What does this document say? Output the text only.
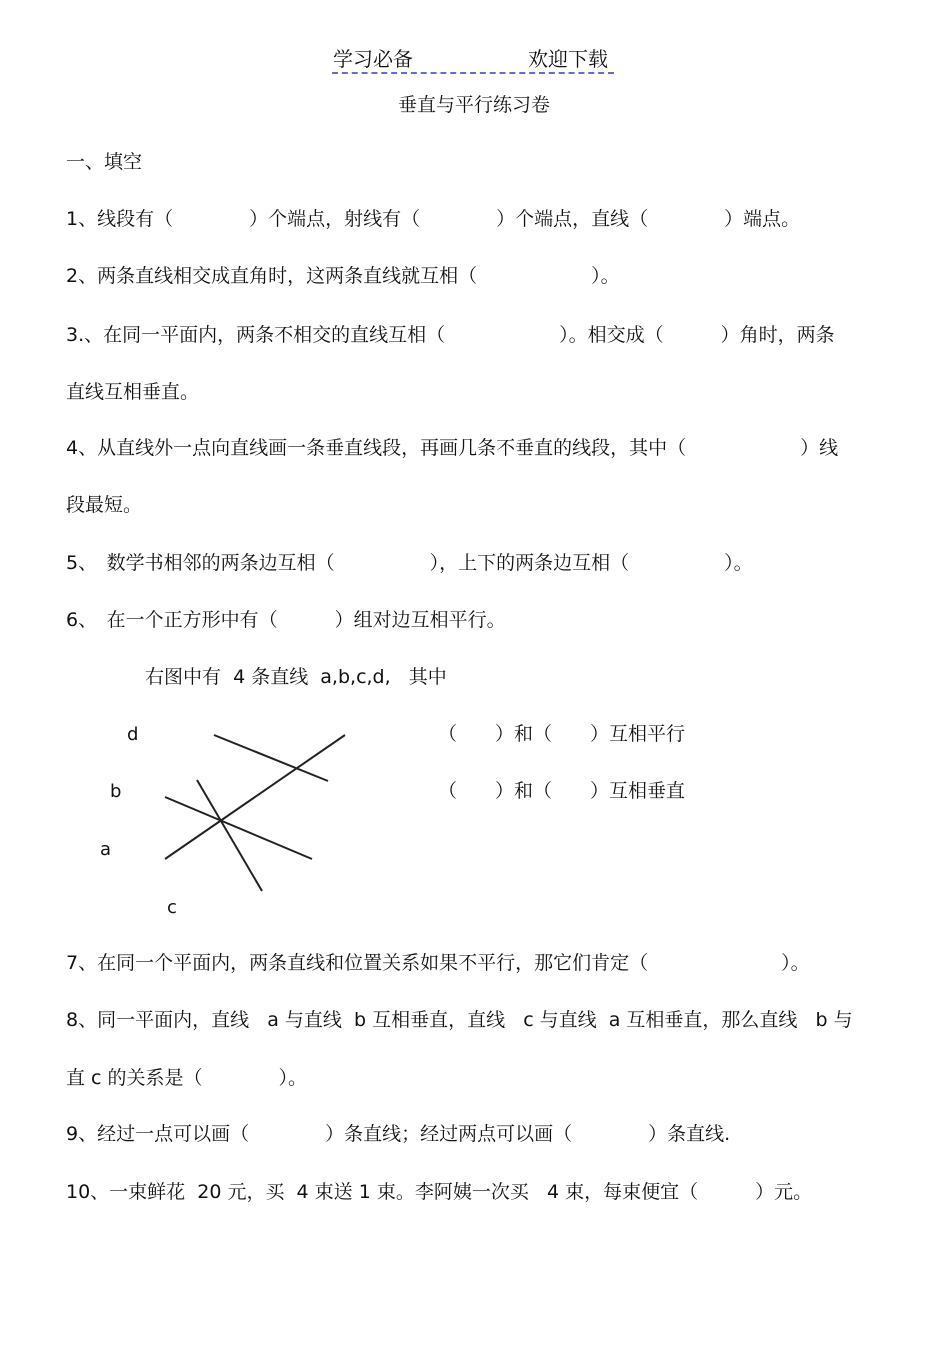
学习必备	欢迎下载
垂直与平行练习卷
一、填空
1、线段有（　　　　）个端点，射线有（　　　　）个端点，直线（　　　　）端点。
2、两条直线相交成直角时，这两条直线就互相（　　　　　　）。
3.、在同一平面内，两条不相交的直线互相（　　　　　　）。相交成（　　　）角时，两条
直线互相垂直。
4、从直线外一点向直线画一条垂直线段，再画几条不垂直的线段，其中（　　　　　　）线
段最短。
5、　数学书相邻的两条边互相（　　　　　），上下的两条边互相（　　　　　）。
6、　在一个正方形中有（　　　）组对边互相平行。
右图中有  4 条直线  a,b,c,d,   其中
d
b
a
c
（　　）和（　　）互相平行
（　　）和（　　）互相垂直
7、在同一个平面内，两条直线和位置关系如果不平行，那它们肯定（　　　　　　　）。
8、同一平面内，直线   a 与直线  b 互相垂直，直线   c 与直线  a 互相垂直，那么直线   b 与
直 c 的关系是（　　　　）。
9、经过一点可以画（　　　　）条直线；经过两点可以画（　　　　）条直线.
10、一束鲜花  20 元，买  4 束送 1 束。李阿姨一次买   4 束，每束便宜（　　　）元。
